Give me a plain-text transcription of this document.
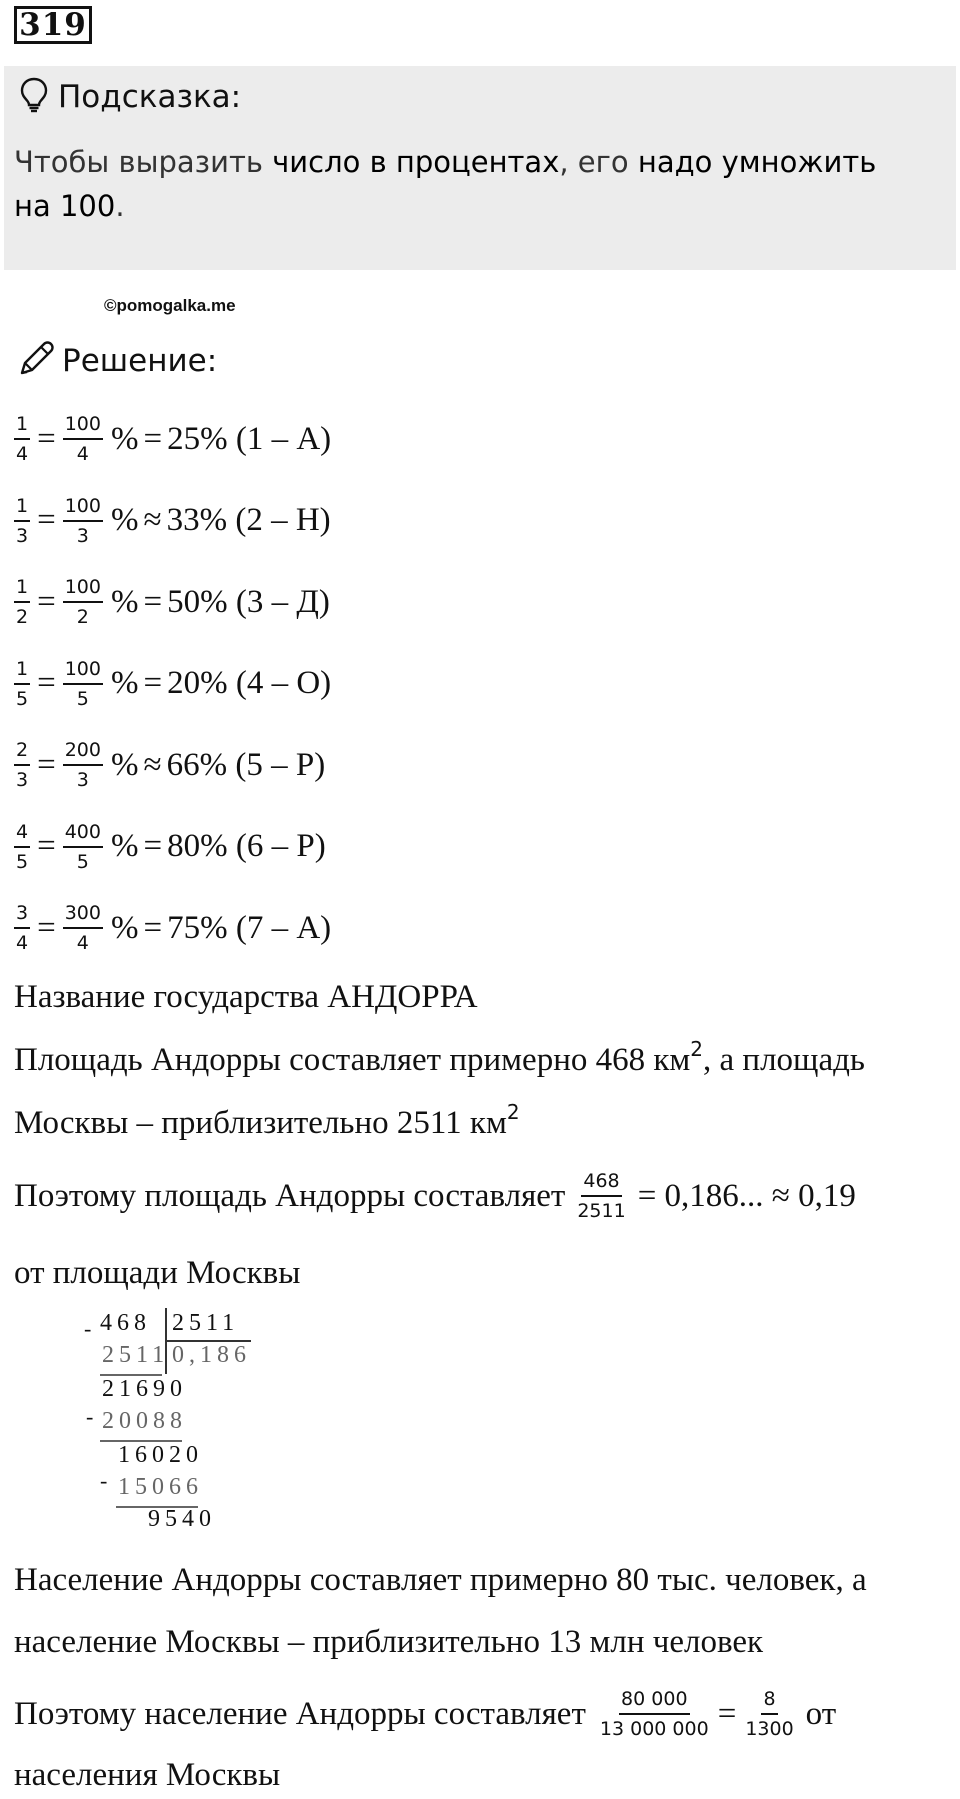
319
Подсказка:
Чтобы выразить число в процентах, его надо умножить
на 100.
©pomogalka.me
Решение:
$\frac{1}{4} = \frac{100}{4}$ % = 25% (1 – А)
$\frac{1}{3} = \frac{100}{3}$ % ≈ 33% (2 – Н)
$\frac{1}{2} = \frac{100}{2}$ % = 50% (3 – Д)
$\frac{1}{5} = \frac{100}{5}$ % = 20% (4 – О)
$\frac{2}{3} = \frac{200}{3}$ % ≈ 66% (5 – Р)
$\frac{4}{5} = \frac{400}{5}$ % = 80% (6 – Р)
$\frac{3}{4} = \frac{300}{4}$ % = 75% (7 – А)
Название государства АНДОРРА
Площадь Андорры составляет примерно 468 $км^2$, а площадь
Москвы – приблизительно 2511 $км^2$
Поэтому площадь Андорры составляет $\frac{468}{2511} = 0,186$... ≈ 0,19
от площади Москвы
- 468 2511
2511 0,186
-
21690
20088
-
16020
15066
9540
Население Андорры составляет примерно 80 тыс. человек, а
население Москвы – приблизительно 13 млн человек
Поэтому население Андорры составляет $\frac{80 000}{13 000 000} = \frac{8}{1300}$ от
населения Москвы
